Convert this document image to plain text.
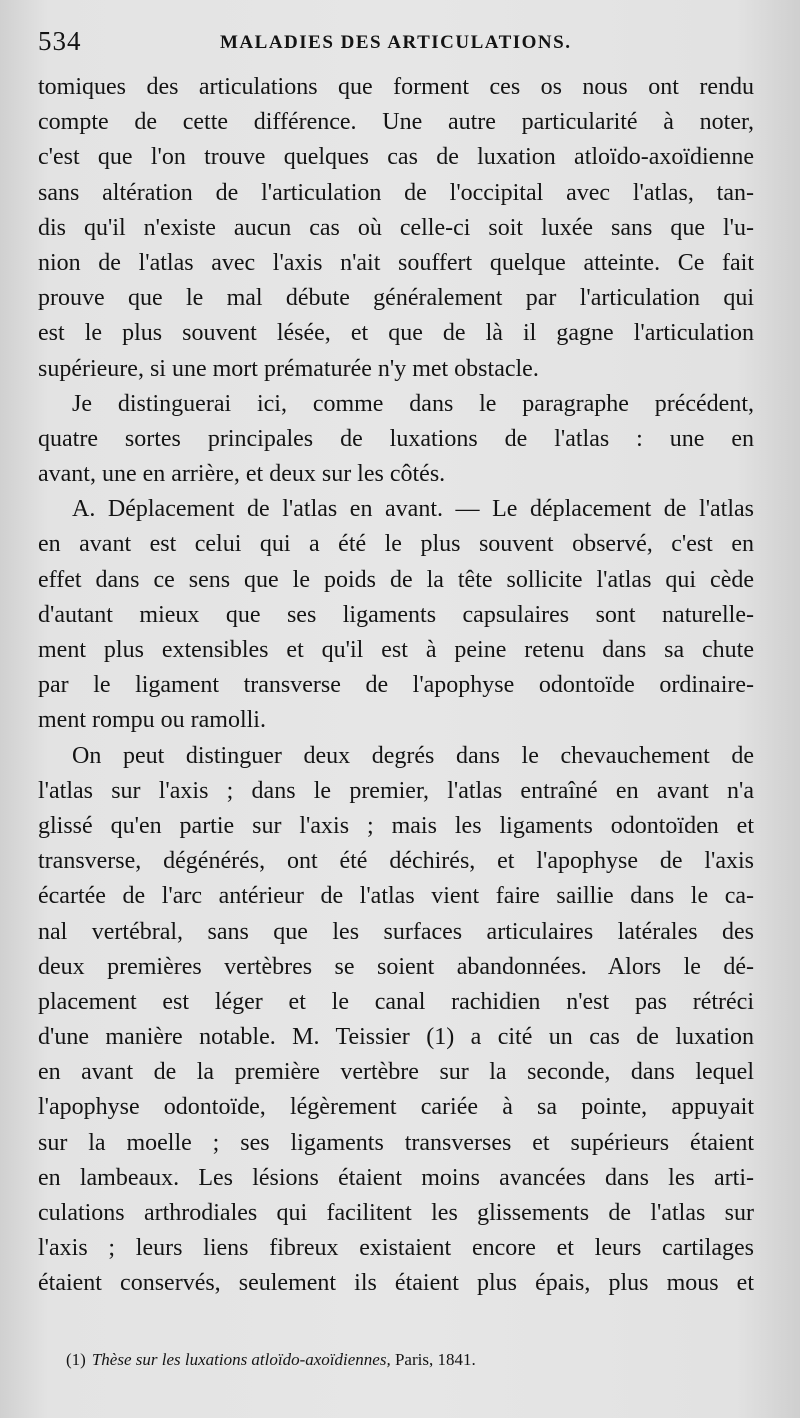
534	MALADIES DES ARTICULATIONS.
tomiques des articulations que forment ces os nous ont rendu
compte de cette différence. Une autre particularité à noter,
c'est que l'on trouve quelques cas de luxation atloïdo-axoïdienne
sans altération de l'articulation de l'occipital avec l'atlas, tan-
dis qu'il n'existe aucun cas où celle-ci soit luxée sans que l'u-
nion de l'atlas avec l'axis n'ait souffert quelque atteinte. Ce fait
prouve que le mal débute généralement par l'articulation qui
est le plus souvent lésée, et que de là il gagne l'articulation
supérieure, si une mort prématurée n'y met obstacle.
Je distinguerai ici, comme dans le paragraphe précédent,
quatre sortes principales de luxations de l'atlas : une en
avant, une en arrière, et deux sur les côtés.
A. Déplacement de l'atlas en avant. — Le déplacement de l'atlas
en avant est celui qui a été le plus souvent observé, c'est en
effet dans ce sens que le poids de la tête sollicite l'atlas qui cède
d'autant mieux que ses ligaments capsulaires sont naturelle-
ment plus extensibles et qu'il est à peine retenu dans sa chute
par le ligament transverse de l'apophyse odontoïde ordinaire-
ment rompu ou ramolli.
On peut distinguer deux degrés dans le chevauchement de
l'atlas sur l'axis ; dans le premier, l'atlas entraîné en avant n'a
glissé qu'en partie sur l'axis ; mais les ligaments odontoïden et
transverse, dégénérés, ont été déchirés, et l'apophyse de l'axis
écartée de l'arc antérieur de l'atlas vient faire saillie dans le ca-
nal vertébral, sans que les surfaces articulaires latérales des
deux premières vertèbres se soient abandonnées. Alors le dé-
placement est léger et le canal rachidien n'est pas rétréci
d'une manière notable. M. Teissier (1) a cité un cas de luxation
en avant de la première vertèbre sur la seconde, dans lequel
l'apophyse odontoïde, légèrement cariée à sa pointe, appuyait
sur la moelle ; ses ligaments transverses et supérieurs étaient
en lambeaux. Les lésions étaient moins avancées dans les arti-
culations arthrodiales qui facilitent les glissements de l'atlas sur
l'axis ; leurs liens fibreux existaient encore et leurs cartilages
étaient conservés, seulement ils étaient plus épais, plus mous et
(1) Thèse sur les luxations atloïdo-axoïdiennes, Paris, 1841.
